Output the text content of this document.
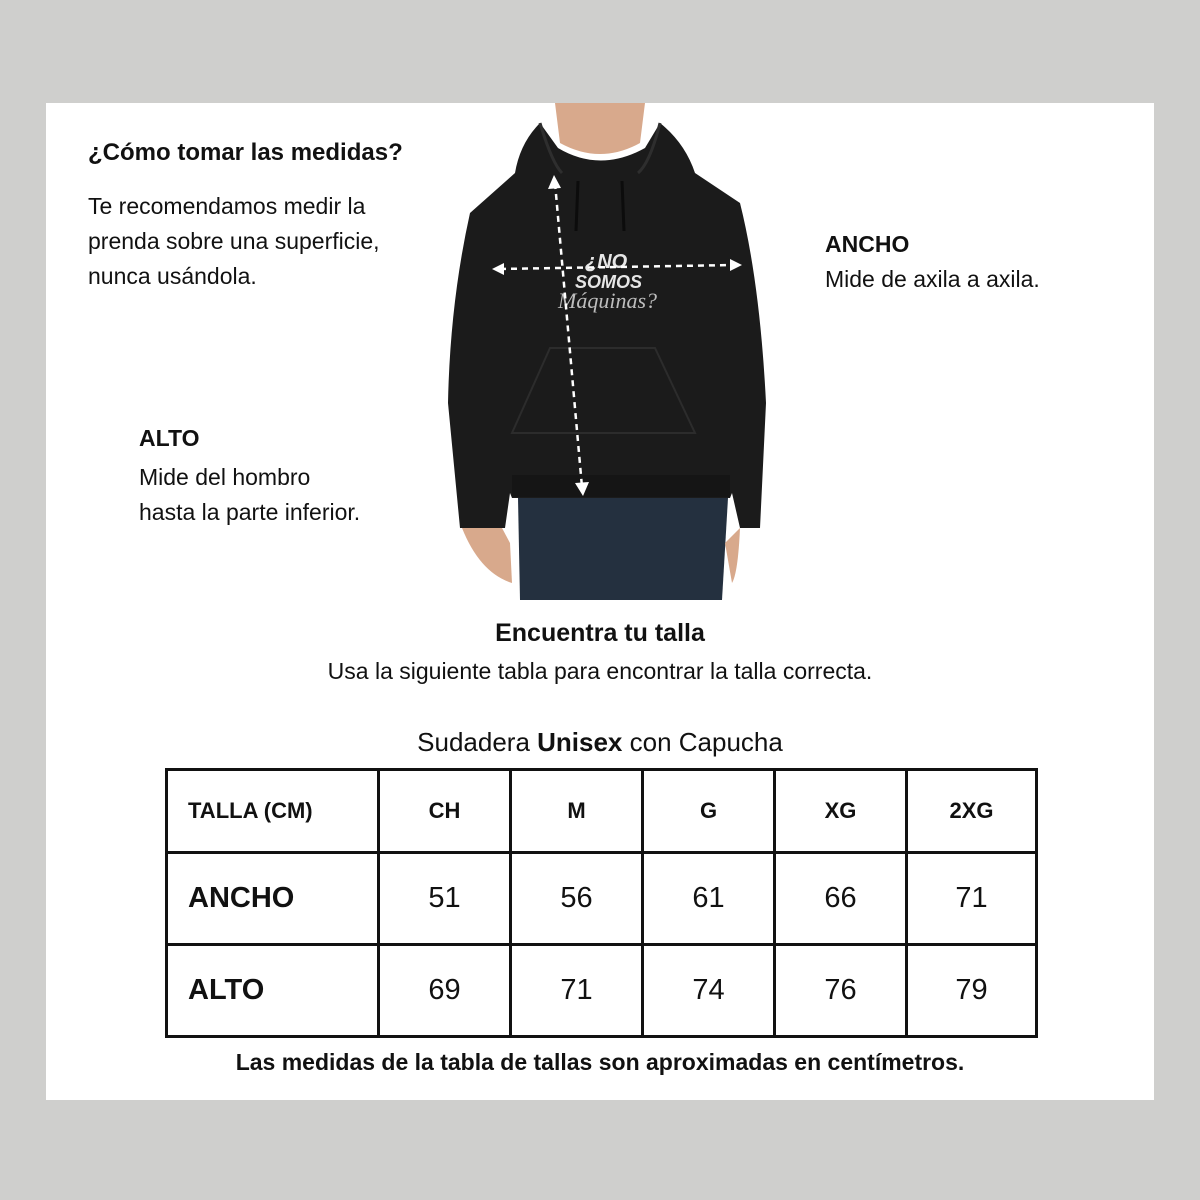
¿Cómo tomar las medidas?
Te recomendamos medir la
prenda sobre una superficie,
nunca usándola.
ANCHO
Mide de axila a axila.
ALTO
Mide del hombro
hasta la parte inferior.
¿NO
SOMOS
Máquinas?
Encuentra tu talla
Usa la siguiente tabla para encontrar la talla correcta.
Sudadera Unisex con Capucha
TALLA (CM)	CH	M	G	XG	2XG
ANCHO	51	56	61	66	71
ALTO	69	71	74	76	79
Las medidas de la tabla de tallas son aproximadas en centímetros.
